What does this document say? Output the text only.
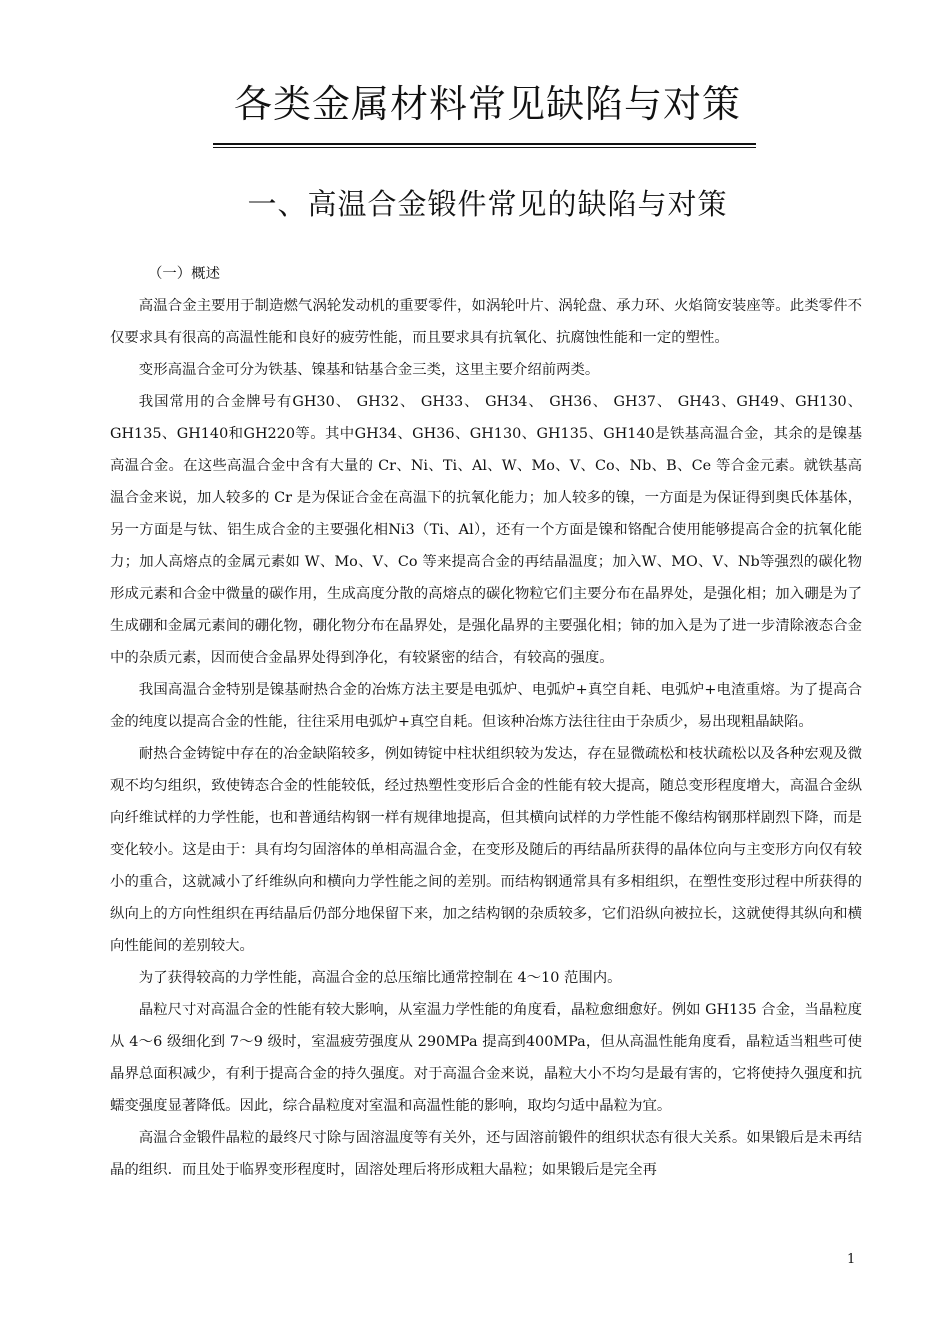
各类金属材料常见缺陷与对策
一、高温合金锻件常见的缺陷与对策

（一）概述

高温合金主要用于制造燃气涡轮发动机的重要零件，如涡轮叶片、涡轮盘、承力环、火焰筒安装座等。此类零件不仅要求具有很高的高温性能和良好的疲劳性能，而且要求具有抗氧化、抗腐蚀性能和一定的塑性。

变形高温合金可分为铁基、镍基和钴基合金三类，这里主要介绍前两类。

我国常用的合金牌号有GH30、 GH32、 GH33、 GH34、 GH36、 GH37、 GH43、GH49、GH130、GH135、GH140和GH220等。其中GH34、GH36、GH130、GH135、GH140是铁基高温合金，其余的是镍基高温合金。在这些高温合金中含有大量的 Cr、Ni、Ti、Al、W、Mo、V、Co、Nb、B、Ce 等合金元素。就铁基高温合金来说，加人较多的 Cr 是为保证合金在高温下的抗氧化能力；加人较多的镍，一方面是为保证得到奥氏体基体，另一方面是与钛、铝生成合金的主要强化相Ni3（Ti、Al），还有一个方面是镍和铬配合使用能够提高合金的抗氧化能力；加人高熔点的金属元素如 W、Mo、V、Co 等来提高合金的再结晶温度；加入W、MO、V、Nb等强烈的碳化物形成元素和合金中微量的碳作用，生成高度分散的高熔点的碳化物粒它们主要分布在晶界处，是强化相；加入硼是为了生成硼和金属元素间的硼化物，硼化物分布在晶界处，是强化晶界的主要强化相；铈的加入是为了进一步清除液态合金中的杂质元素，因而使合金晶界处得到净化，有较紧密的结合，有较高的强度。

我国高温合金特别是镍基耐热合金的冶炼方法主要是电弧炉、电弧炉+真空自耗、电弧炉+电渣重熔。为了提高合金的纯度以提高合金的性能，往往采用电弧炉+真空自耗。但该种冶炼方法往往由于杂质少，易出现粗晶缺陷。

耐热合金铸锭中存在的冶金缺陷较多，例如铸锭中柱状组织较为发达，存在显微疏松和枝状疏松以及各种宏观及微观不均匀组织，致使铸态合金的性能较低，经过热塑性变形后合金的性能有较大提高，随总变形程度增大，高温合金纵向纤维试样的力学性能，也和普通结构钢一样有规律地提高，但其横向试样的力学性能不像结构钢那样剧烈下降，而是变化较小。这是由于：具有均匀固溶体的单相高温合金，在变形及随后的再结晶所获得的晶体位向与主变形方向仅有较小的重合，这就减小了纤维纵向和横向力学性能之间的差别。而结构钢通常具有多相组织，在塑性变形过程中所获得的纵向上的方向性组织在再结晶后仍部分地保留下来，加之结构钢的杂质较多，它们沿纵向被拉长，这就使得其纵向和横向性能间的差别较大。

为了获得较高的力学性能，高温合金的总压缩比通常控制在 4～10 范围内。

晶粒尺寸对高温合金的性能有较大影响，从室温力学性能的角度看，晶粒愈细愈好。例如 GH135 合金，当晶粒度从 4～6 级细化到 7～9 级时，室温疲劳强度从 290MPa 提高到400MPa，但从高温性能角度看，晶粒适当粗些可使晶界总面积减少，有利于提高合金的持久强度。对于高温合金来说，晶粒大小不均匀是最有害的，它将使持久强度和抗蠕变强度显著降低。因此，综合晶粒度对室温和高温性能的影响，取均匀适中晶粒为宜。

高温合金锻件晶粒的最终尺寸除与固溶温度等有关外，还与固溶前锻件的组织状态有很大关系。如果锻后是未再结晶的组织．而且处于临界变形程度时，固溶处理后将形成粗大晶粒；如果锻后是完全再

1
